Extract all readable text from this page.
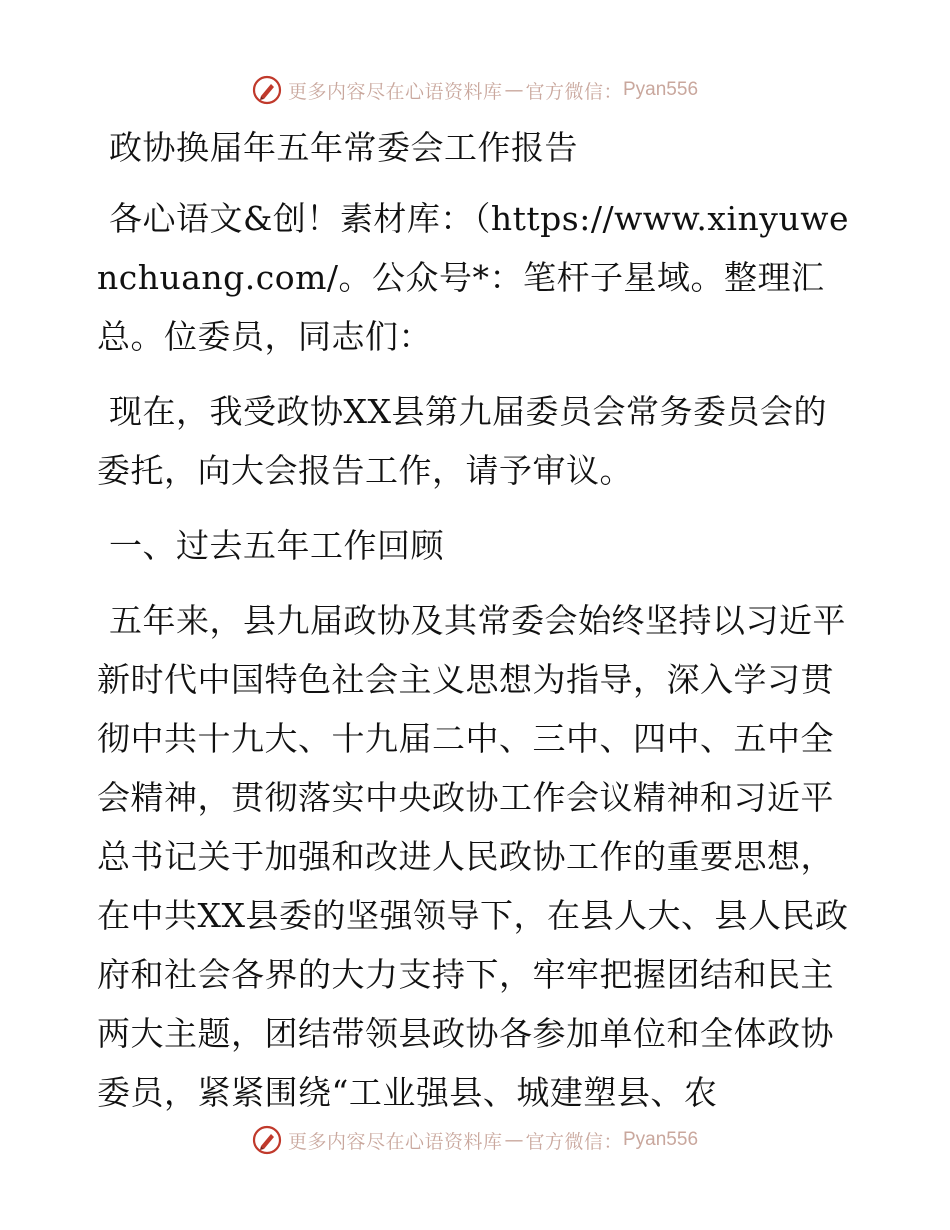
更多内容尽在心语资料库 — 官方微信： Pyan556

政协换届年五年常委会工作报告

各心语文&创！素材库：（https://www.xinyuwenchuang.com/。公众号*：笔杆子星域。整理汇总。位委员，同志们：

现在，我受政协XX县第九届委员会常务委员会的委托，向大会报告工作，请予审议。

一、过去五年工作回顾

五年来，县九届政协及其常委会始终坚持以习近平新时代中国特色社会主义思想为指导，深入学习贯彻中共十九大、十九届二中、三中、四中、五中全会精神，贯彻落实中央政协工作会议精神和习近平总书记关于加强和改进人民政协工作的重要思想，在中共XX县委的坚强领导下，在县人大、县人民政府和社会各界的大力支持下，牢牢把握团结和民主两大主题，团结带领县政协各参加单位和全体政协委员，紧紧围绕“工业强县、城建塑县、农

更多内容尽在心语资料库 — 官方微信： Pyan556
